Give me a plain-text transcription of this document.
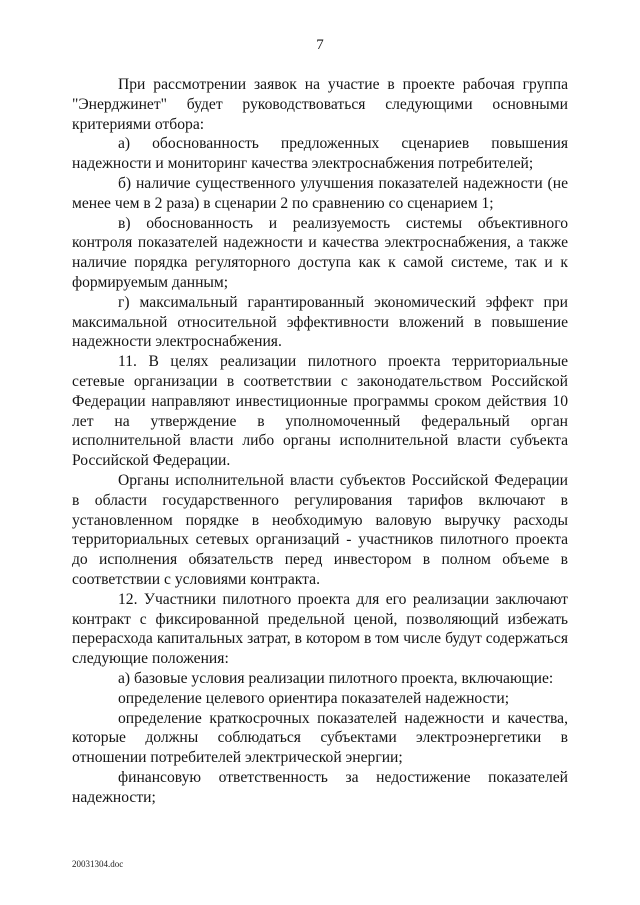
7

При рассмотрении заявок на участие в проекте рабочая группа "Энерджинет" будет руководствоваться следующими основными критериями отбора:

а) обоснованность предложенных сценариев повышения надежности и мониторинг качества электроснабжения потребителей;

б) наличие существенного улучшения показателей надежности (не менее чем в 2 раза) в сценарии 2 по сравнению со сценарием 1;

в) обоснованность и реализуемость системы объективного контроля показателей надежности и качества электроснабжения, а также наличие порядка регуляторного доступа как к самой системе, так и к формируемым данным;

г) максимальный гарантированный экономический эффект при максимальной относительной эффективности вложений в повышение надежности электроснабжения.

11. В целях реализации пилотного проекта территориальные сетевые организации в соответствии с законодательством Российской Федерации направляют инвестиционные программы сроком действия 10 лет на утверждение в уполномоченный федеральный орган исполнительной власти либо органы исполнительной власти субъекта Российской Федерации.

Органы исполнительной власти субъектов Российской Федерации в области государственного регулирования тарифов включают в установленном порядке в необходимую валовую выручку расходы территориальных сетевых организаций - участников пилотного проекта до исполнения обязательств перед инвестором в полном объеме в соответствии с условиями контракта.

12. Участники пилотного проекта для его реализации заключают контракт с фиксированной предельной ценой, позволяющий избежать перерасхода капитальных затрат, в котором в том числе будут содержаться следующие положения:

а) базовые условия реализации пилотного проекта, включающие:

определение целевого ориентира показателей надежности;

определение краткосрочных показателей надежности и качества, которые должны соблюдаться субъектами электроэнергетики в отношении потребителей электрической энергии;

финансовую ответственность за недостижение показателей надежности;

20031304.doc
